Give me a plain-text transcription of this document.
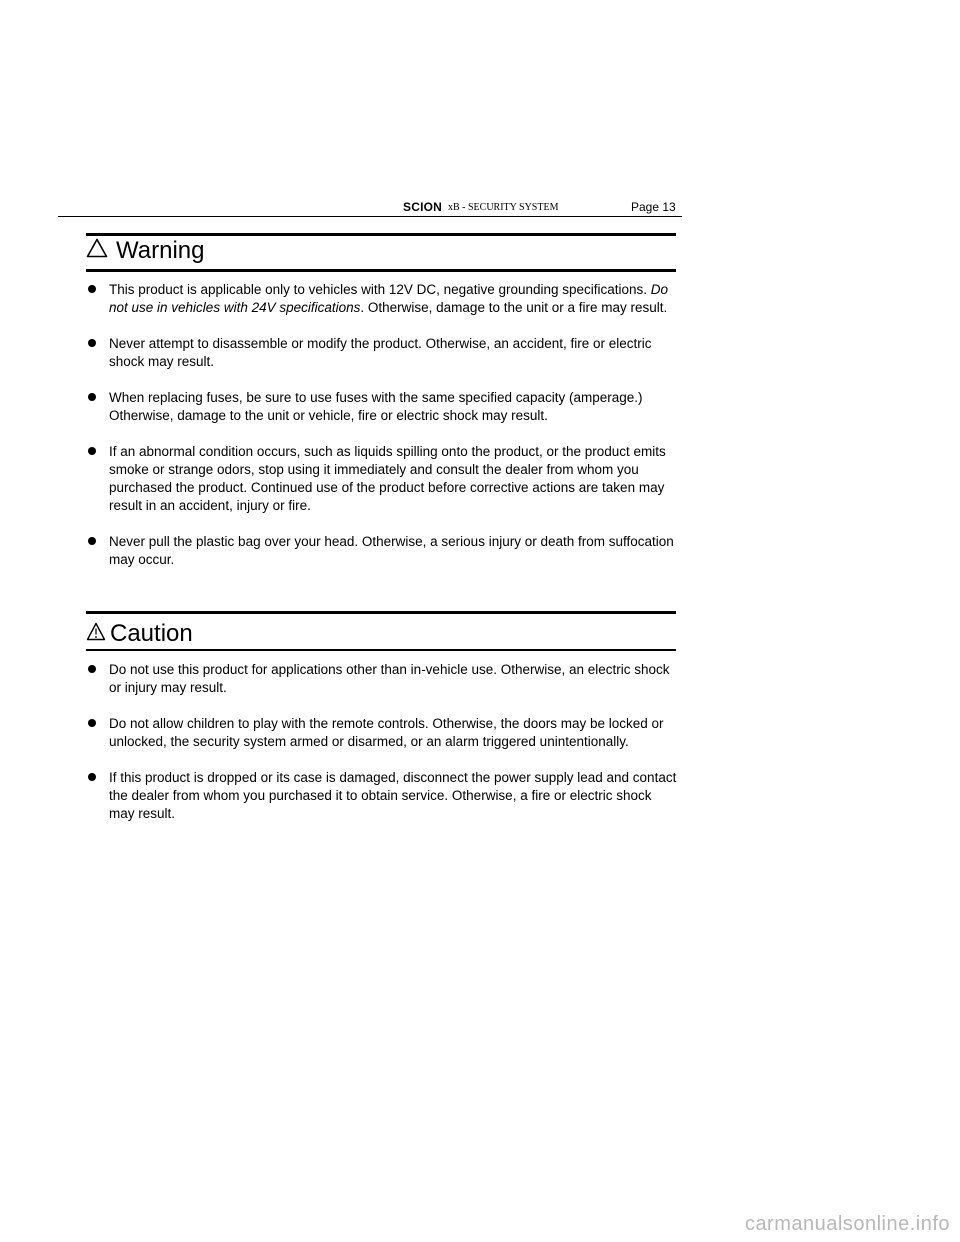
SCION xB - SECURITY SYSTEM	Page 13
Warning
This product is applicable only to vehicles with 12V DC, negative grounding specifications. Do not use in vehicles with 24V specifications. Otherwise, damage to the unit or a fire may result.
Never attempt to disassemble or modify the product. Otherwise, an accident, fire or electric shock may result.
When replacing fuses, be sure to use fuses with the same specified capacity (amperage.) Otherwise, damage to the unit or vehicle, fire or electric shock may result.
If an abnormal condition occurs, such as liquids spilling onto the product, or the product emits smoke or strange odors, stop using it immediately and consult the dealer from whom you purchased the product. Continued use of the product before corrective actions are taken may result in an accident, injury or fire.
Never pull the plastic bag over your head. Otherwise, a serious injury or death from suffocation may occur.
Caution
Do not use this product for applications other than in-vehicle use. Otherwise, an electric shock or injury may result.
Do not allow children to play with the remote controls. Otherwise, the doors may be locked or unlocked, the security system armed or disarmed, or an alarm triggered unintentionally.
If this product is dropped or its case is damaged, disconnect the power supply lead and contact the dealer from whom you purchased it to obtain service. Otherwise, a fire or electric shock may result.
carmanualsonline.info
